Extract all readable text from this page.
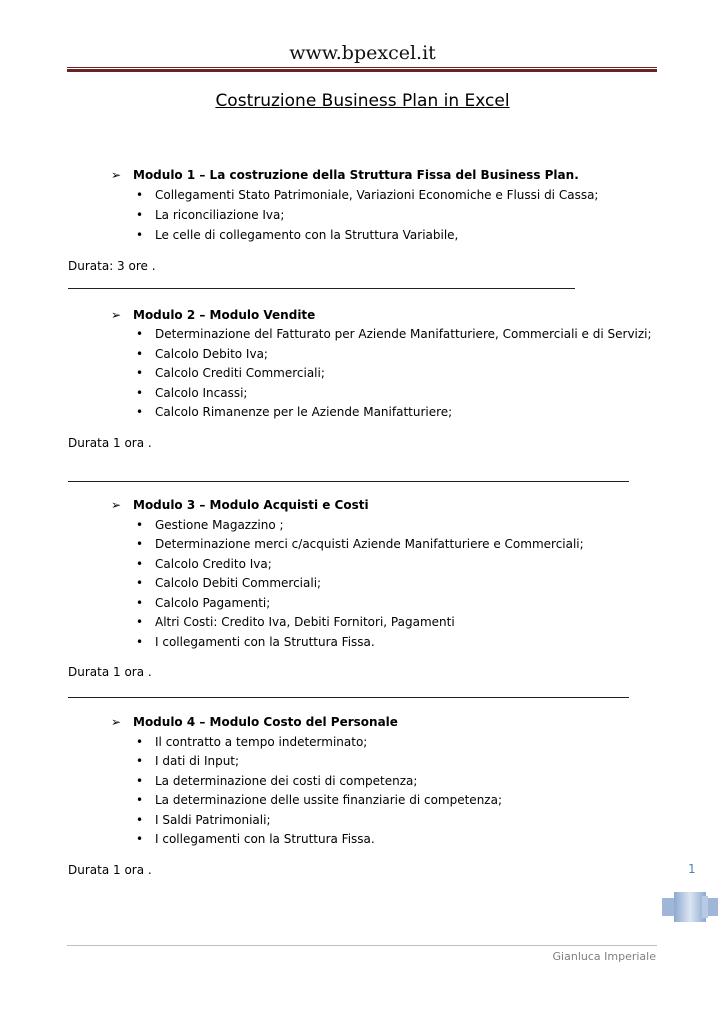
www.bpexcel.it
Costruzione Business Plan in Excel
➢ Modulo 1 – La costruzione della Struttura Fissa del Business Plan.
• Collegamenti Stato Patrimoniale, Variazioni Economiche e Flussi di Cassa;
• La riconciliazione Iva;
• Le celle di collegamento con la Struttura Variabile,
Durata: 3 ore .
➢ Modulo 2 – Modulo Vendite
• Determinazione del Fatturato per Aziende Manifatturiere, Commerciali e di Servizi;
• Calcolo Debito Iva;
• Calcolo Crediti Commerciali;
• Calcolo Incassi;
• Calcolo Rimanenze per le Aziende Manifatturiere;
Durata 1 ora .
➢ Modulo 3 – Modulo Acquisti e Costi
• Gestione Magazzino ;
• Determinazione merci c/acquisti Aziende Manifatturiere e Commerciali;
• Calcolo Credito Iva;
• Calcolo Debiti Commerciali;
• Calcolo Pagamenti;
• Altri Costi: Credito Iva, Debiti Fornitori, Pagamenti
• I collegamenti con la Struttura Fissa.
Durata 1 ora .
➢ Modulo 4 – Modulo Costo del Personale
• Il contratto a tempo indeterminato;
• I dati di Input;
• La determinazione dei costi di competenza;
• La determinazione delle ussite finanziarie di competenza;
• I Saldi Patrimoniali;
• I collegamenti con la Struttura Fissa.
Durata 1 ora .	1
Gianluca Imperiale
